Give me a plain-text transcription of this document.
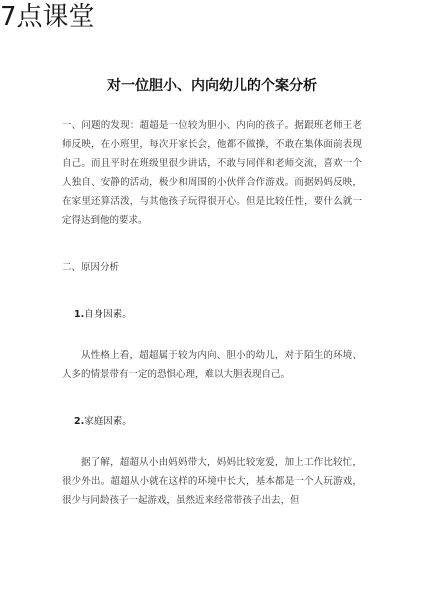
7点课堂
对一位胆小、内向幼儿的个案分析

一、问题的发现：超超是一位较为胆小、内向的孩子。据跟班老师王老师反映，在小班里，每次开家长会，他都不做操，不敢在集体面前表现自己。而且平时在班级里很少讲话，不敢与同伴和老师交流，喜欢一个人独自、安静的活动，极少和周围的小伙伴合作游戏。而据妈妈反映，在家里还算活泼，与其他孩子玩得很开心。但是比较任性，要什么就一定得达到他的要求。

二、原因分析

1.自身因素。

从性格上看，超超属于较为内向、胆小的幼儿，对于陌生的环境、人多的情景带有一定的恐惧心理，难以大胆表现自己。

2.家庭因素。

据了解，超超从小由妈妈带大，妈妈比较宠爱，加上工作比较忙，很少外出。超超从小就在这样的环境中长大，基本都是一个人玩游戏，很少与同龄孩子一起游戏，虽然近来经常带孩子出去，但
